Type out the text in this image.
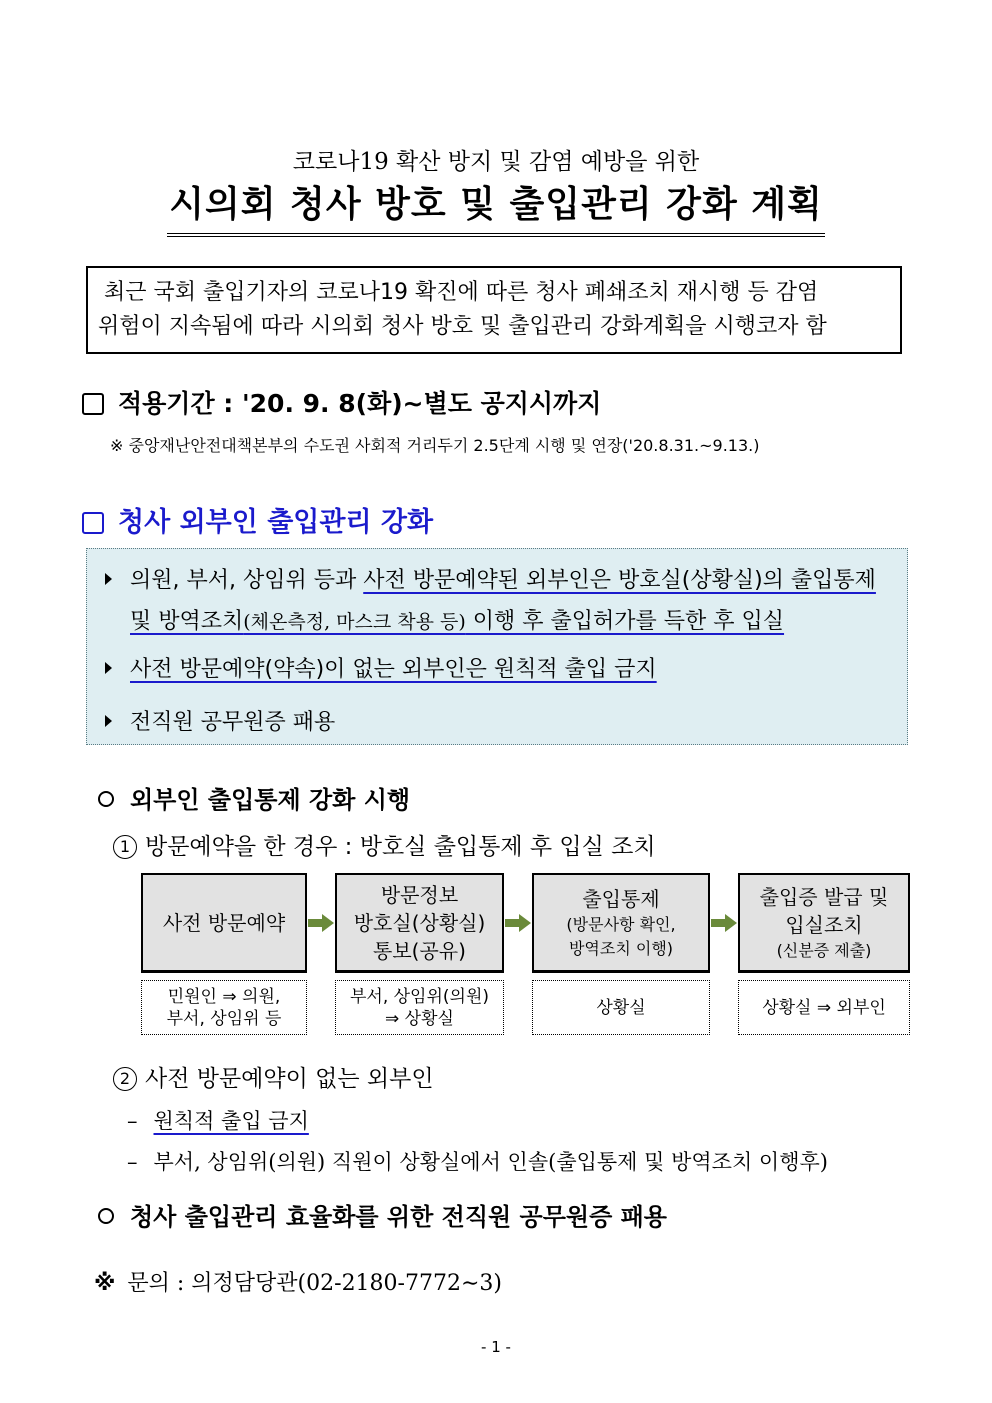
코로나19 확산 방지 및 감염 예방을 위한
시의회 청사 방호 및 출입관리 강화 계획

최근 국회 출입기자의 코로나19 확진에 따른 청사 폐쇄조치 재시행 등 감염

위험이 지속됨에 따라 시의회 청사 방호 및 출입관리 강화계획을 시행코자 함

적용기간 : '20. 9. 8(화)∼별도 공지시까지
※ 중앙재난안전대책본부의 수도권 사회적 거리두기 2.5단계 시행 및 연장('20.8.31.~9.13.)
청사 외부인 출입관리 강화
의원, 부서, 상임위 등과 사전 방문예약된 외부인은 방호실(상황실)의 출입통제
및 방역조치(체온측정, 마스크 착용 등) 이행 후 출입허가를 득한 후 입실
사전 방문예약(약속)이 없는 외부인은 원칙적 출입 금지
전직원 공무원증 패용
외부인 출입통제 강화 시행
1 방문예약을 한 경우 : 방호실 출입통제 후 입실 조치
사전 방문예약
방문정보
방호실(상황실)
통보(공유)
출입통제
(방문사항 확인,
방역조치 이행)
출입증 발급 및
입실조치
(신분증 제출)
민원인 ⇒ 의원,
부서, 상임위 등
부서, 상임위(의원)
⇒ 상황실
상황실	상황실 ⇒ 외부인
2 사전 방문예약이 없는 외부인
– 원칙적 출입 금지
– 부서, 상임위(의원) 직원이 상황실에서 인솔(출입통제 및 방역조치 이행후)
청사 출입관리 효율화를 위한 전직원 공무원증 패용
※ 문의 : 의정담당관(02-2180-7772∼3)
- 1 -
